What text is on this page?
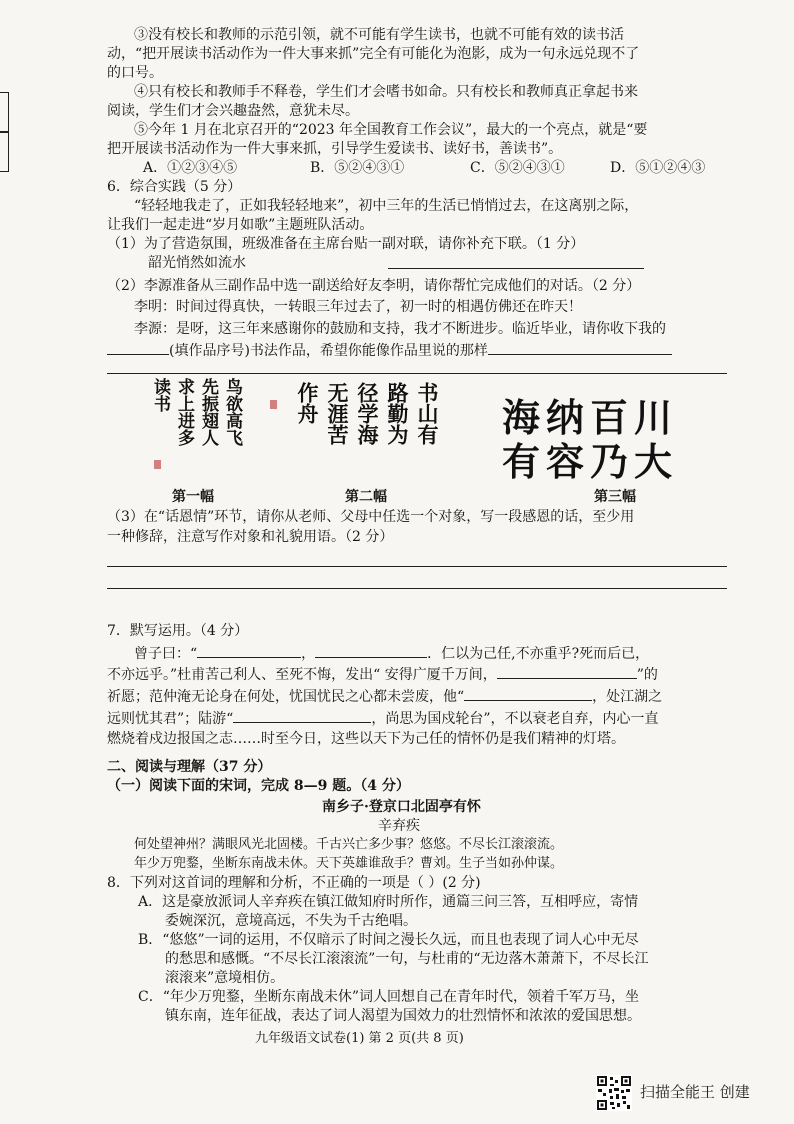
③没有校长和教师的示范引领，就不可能有学生读书，也就不可能有效的读书活
动，“把开展读书活动作为一件大事来抓”完全有可能化为泡影，成为一句永远兑现不了
的口号。
④只有校长和教师手不释卷，学生们才会嗜书如命。只有校长和教师真正拿起书来
阅读，学生们才会兴趣盎然，意犹未尽。
⑤今年 1 月在北京召开的“2023 年全国教育工作会议”，最大的一个亮点，就是“要
把开展读书活动作为一件大事来抓，引导学生爱读书、读好书，善读书”。
A．①②③④⑤	B．⑤②④③①	C．⑤②④③①	D．⑤①②④③
6．综合实践（5 分）
“轻轻地我走了，正如我轻轻地来”，初中三年的生活已悄悄过去，在这离别之际，
让我们一起走进“岁月如歌”主题班队活动。
（1）为了营造氛围，班级准备在主席台贴一副对联，请你补充下联。（1 分）
韶光悄然如流水
（2）李源准备从三副作品中选一副送给好友李明，请你帮忙完成他们的对话。（2 分）
李明：时间过得真快，一转眼三年过去了，初一时的相遇仿佛还在昨天！
李源：是呀，这三年来感谢你的鼓励和支持，我才不断进步。临近毕业，请你收下我的
(填作品序号)书法作品，希望你能像作品里说的那样
鸟欲高飞
先振翅人
求上进多
读书	书山有
路勤为
径学海
无涯苦
作舟	海纳百川
有容乃大
第一幅	第二幅	第三幅
（3）在“话恩情”环节，请你从老师、父母中任选一个对象，写一段感恩的话，至少用
一种修辞，注意写作对象和礼貌用语。（2 分）
7．默写运用。（4 分）
曾子曰：“	，	．仁以为己任,不亦重乎?死而后已，
不亦远乎。”杜甫苦己利人、至死不悔，发出“ 安得广厦千万间，	”的
祈愿；范仲淹无论身在何处，忧国忧民之心都未尝废，他“	，处江湖之
远则忧其君”；陆游“	，尚思为国戍轮台”，不以衰老自弃，内心一直
燃烧着戍边报国之志……时至今日，这些以天下为己任的情怀仍是我们精神的灯塔。
二、阅读与理解（37 分）
（一）阅读下面的宋词，完成 8—9 题。（4 分）
南乡子·登京口北固亭有怀
辛弃疾
何处望神州？满眼风光北固楼。千古兴亡多少事？悠悠。不尽长江滚滚流。
年少万兜鍪，坐断东南战未休。天下英雄谁敌手？曹刘。生子当如孙仲谋。
8．下列对这首词的理解和分析，不正确的一项是（ ）(2 分)
A．这是豪放派词人辛弃疾在镇江做知府时所作，通篇三问三答，互相呼应，寄情
委婉深沉，意境高远，不失为千古绝唱。
B．“悠悠”一词的运用，不仅暗示了时间之漫长久远，而且也表现了词人心中无尽
的愁思和感慨。“不尽长江滚滚流”一句，与杜甫的“无边落木萧萧下，不尽长江
滚滚来”意境相仿。
C．“年少万兜鍪，坐断东南战未休”词人回想自己在青年时代，领着千军万马，坐
镇东南，连年征战，表达了词人渴望为国效力的壮烈情怀和浓浓的爱国思想。
九年级语文试卷(1) 第 2 页(共 8 页)
扫描全能王 创建
